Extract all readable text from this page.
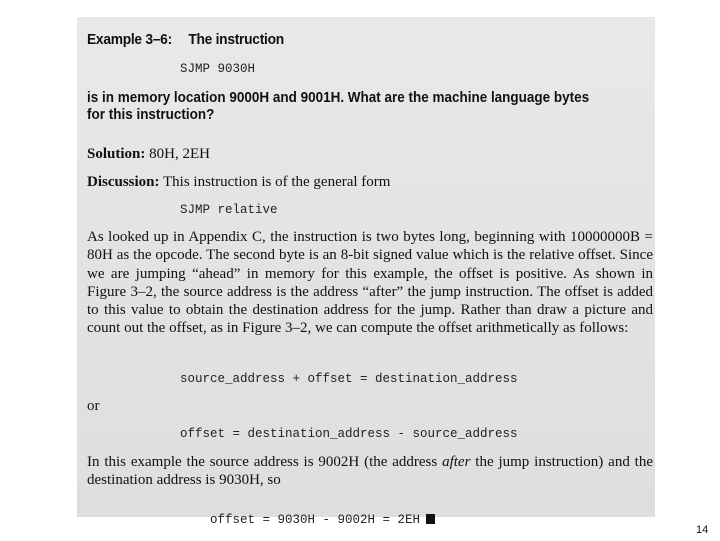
·····················
Example 3–6: The instruction
SJMP 9030H
is in memory location 9000H and 9001H. What are the machine language bytes for this instruction?
Solution: 80H, 2EH
Discussion: This instruction is of the general form
SJMP relative
As looked up in Appendix C, the instruction is two bytes long, beginning with 10000000B = 80H as the opcode. The second byte is an 8-bit signed value which is the relative offset. Since we are jumping “ahead” in memory for this example, the offset is positive. As shown in Figure 3–2, the source address is the address “after” the jump instruction. The offset is added to this value to obtain the destination address for the jump. Rather than draw a picture and count out the offset, as in Figure 3–2, we can compute the offset arithmetically as follows:
source_address + offset = destination_address
or
offset = destination_address - source_address
In this example the source address is 9002H (the address after the jump instruction) and the destination address is 9030H, so

offset = 9030H - 9002H = 2EH

14
